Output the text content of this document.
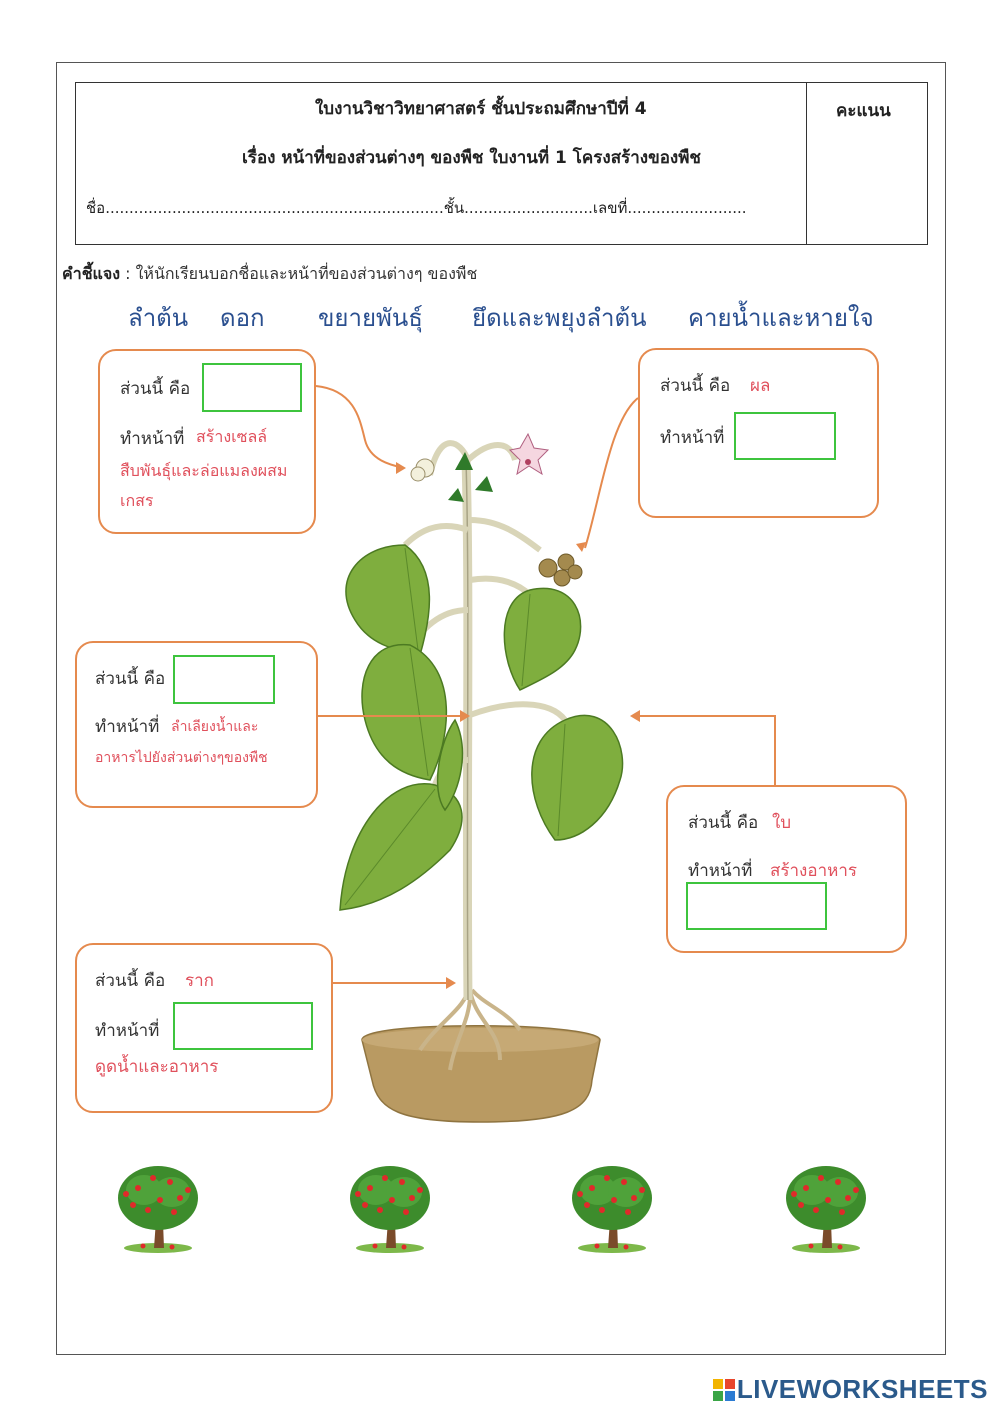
ใบงานวิชาวิทยาศาสตร์ ชั้นประถมศึกษาปีที่ 4
เรื่อง หน้าที่ของส่วนต่างๆ ของพืช ใบงานที่ 1 โครงสร้างของพืช
ชื่อ.......................................................................ชั้น...........................เลขที่.........................
คะแนน
คำชี้แจง : ให้นักเรียนบอกชื่อและหน้าที่ของส่วนต่างๆ ของพืช
ลำต้น ดอก ขยายพันธุ์ ยึดและพยุงลำต้น คายน้ำและหายใจ
ส่วนนี้ คือ
ทำหน้าที่ สร้างเซลล์
สืบพันธุ์และล่อแมลงผสม
เกสร
ส่วนนี้ คือ ผล
ทำหน้าที่
ส่วนนี้ คือ
ทำหน้าที่ ลำเลียงน้ำและ
อาหารไปยังส่วนต่างๆของพืช
ส่วนนี้ คือ ใบ
ทำหน้าที่ สร้างอาหาร
ส่วนนี้ คือ ราก
ทำหน้าที่
ดูดน้ำและอาหาร
LIVEWORKSHEETS
